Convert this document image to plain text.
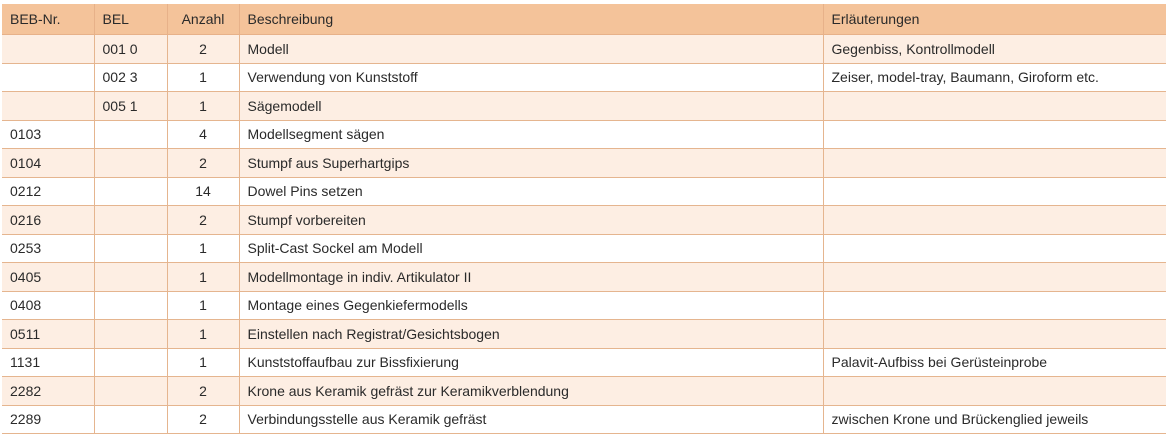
BEB-Nr.	BEL	Anzahl	Beschreibung	Erläuterungen
	001 0	2	Modell	Gegenbiss, Kontrollmodell
	002 3	1	Verwendung von Kunststoff	Zeiser, model-tray, Baumann, Giroform etc.
	005 1	1	Sägemodell	
0103		4	Modellsegment sägen	
0104		2	Stumpf aus Superhartgips	
0212		14	Dowel Pins setzen	
0216		2	Stumpf vorbereiten	
0253		1	Split-Cast Sockel am Modell	
0405		1	Modellmontage in indiv. Artikulator II	
0408		1	Montage eines Gegenkiefermodells	
0511		1	Einstellen nach Registrat/Gesichtsbogen	
1131		1	Kunststoffaufbau zur Bissfixierung	Palavit-Aufbiss bei Gerüsteinprobe
2282		2	Krone aus Keramik gefräst zur Keramikverblendung	
2289		2	Verbindungsstelle aus Keramik gefräst	zwischen Krone und Brückenglied jeweils
